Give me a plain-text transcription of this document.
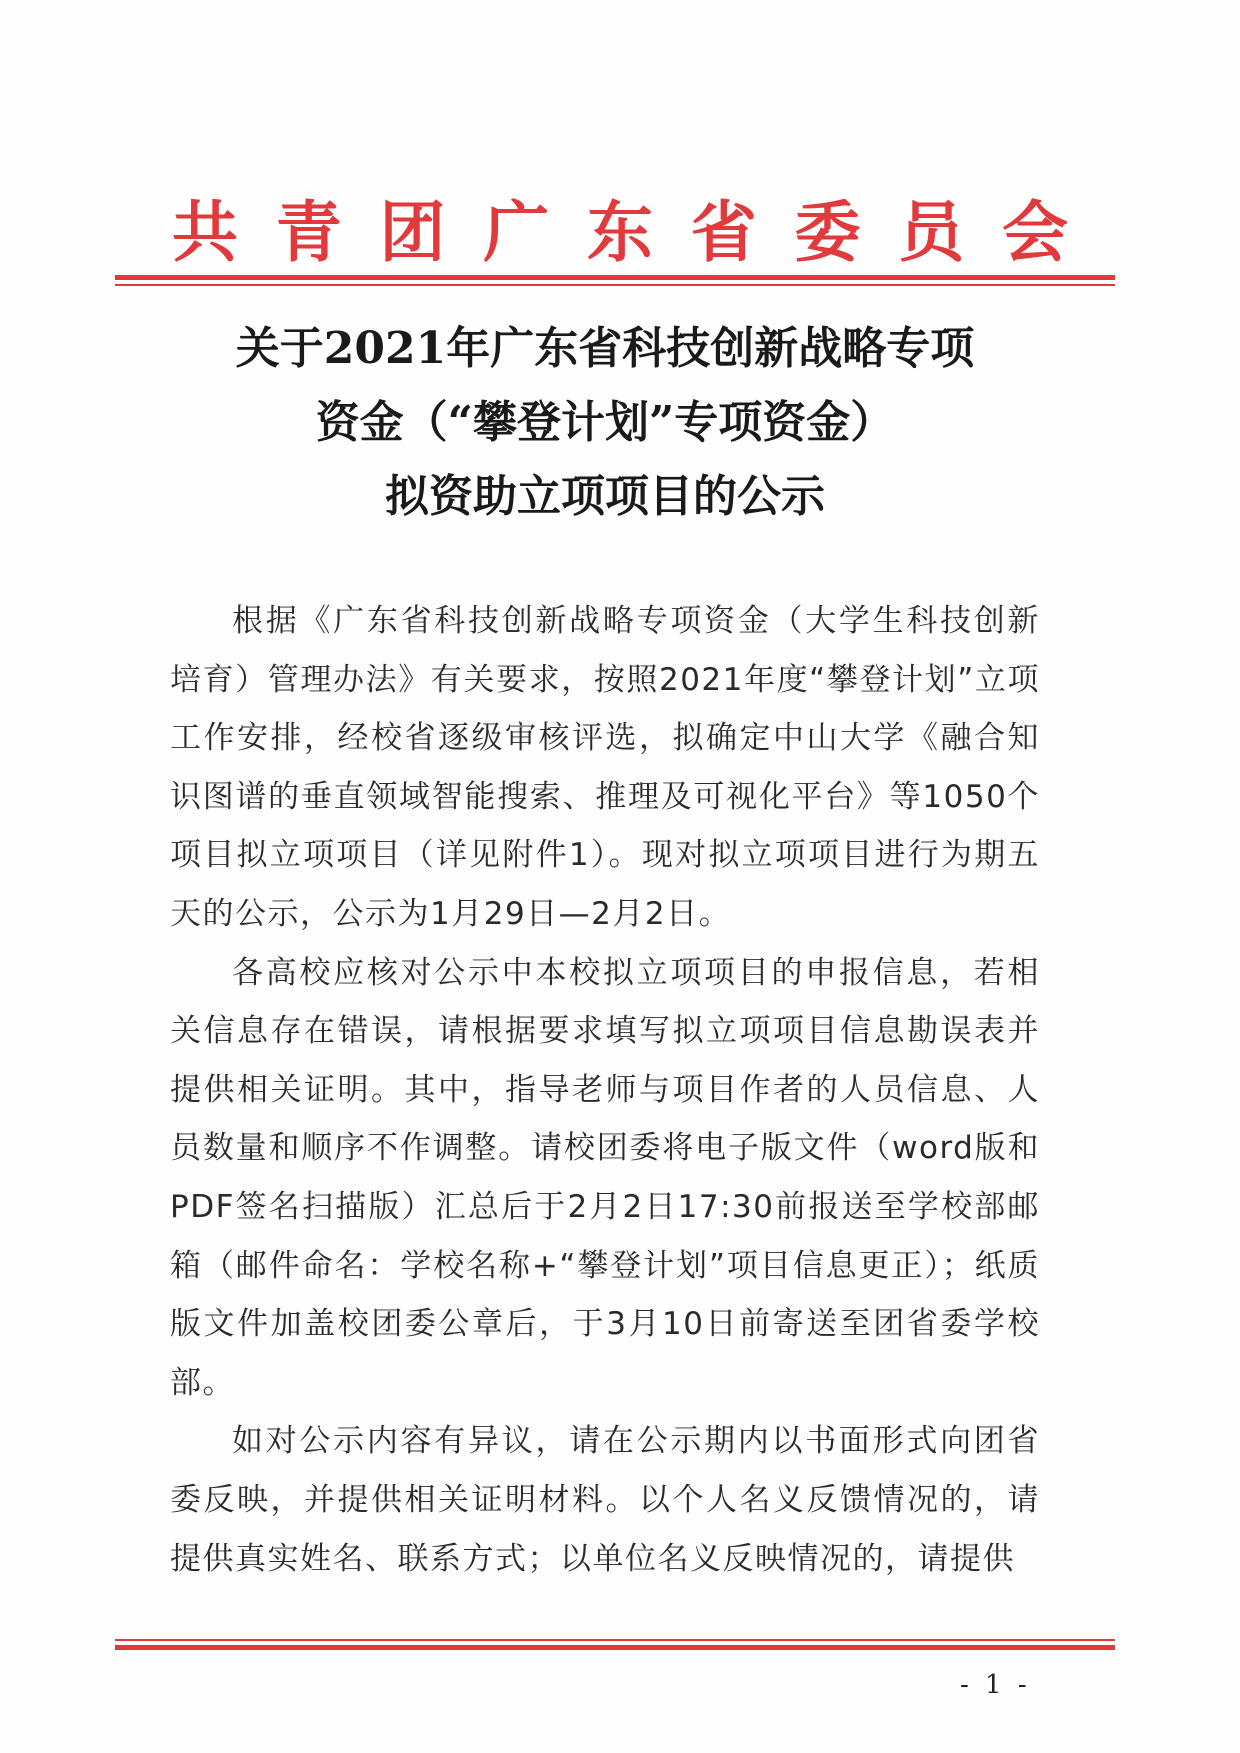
共 青 团 广 东 省 委 员 会
关于2021年广东省科技创新战略专项
资金（“攀登计划”专项资金）
拟资助立项项目的公示

根据《广东省科技创新战略专项资金（大学生科技创新培育）管理办法》有关要求，按照2021年度“攀登计划”立项工作安排，经校省逐级审核评选，拟确定中山大学《融合知识图谱的垂直领域智能搜索、推理及可视化平台》等1050个项目拟立项项目（详见附件1）。现对拟立项项目进行为期五天的公示，公示为1月29日—2月2日。

各高校应核对公示中本校拟立项项目的申报信息，若相关信息存在错误，请根据要求填写拟立项项目信息勘误表并提供相关证明。其中，指导老师与项目作者的人员信息、人员数量和顺序不作调整。请校团委将电子版文件（word版和PDF签名扫描版）汇总后于2月2日17:30前报送至学校部邮箱（邮件命名：学校名称+“攀登计划”项目信息更正）；纸质版文件加盖校团委公章后，于3月10日前寄送至团省委学校部。

如对公示内容有异议，请在公示期内以书面形式向团省委反映，并提供相关证明材料。以个人名义反馈情况的，请提供真实姓名、联系方式；以单位名义反映情况的，请提供

- 1 -
